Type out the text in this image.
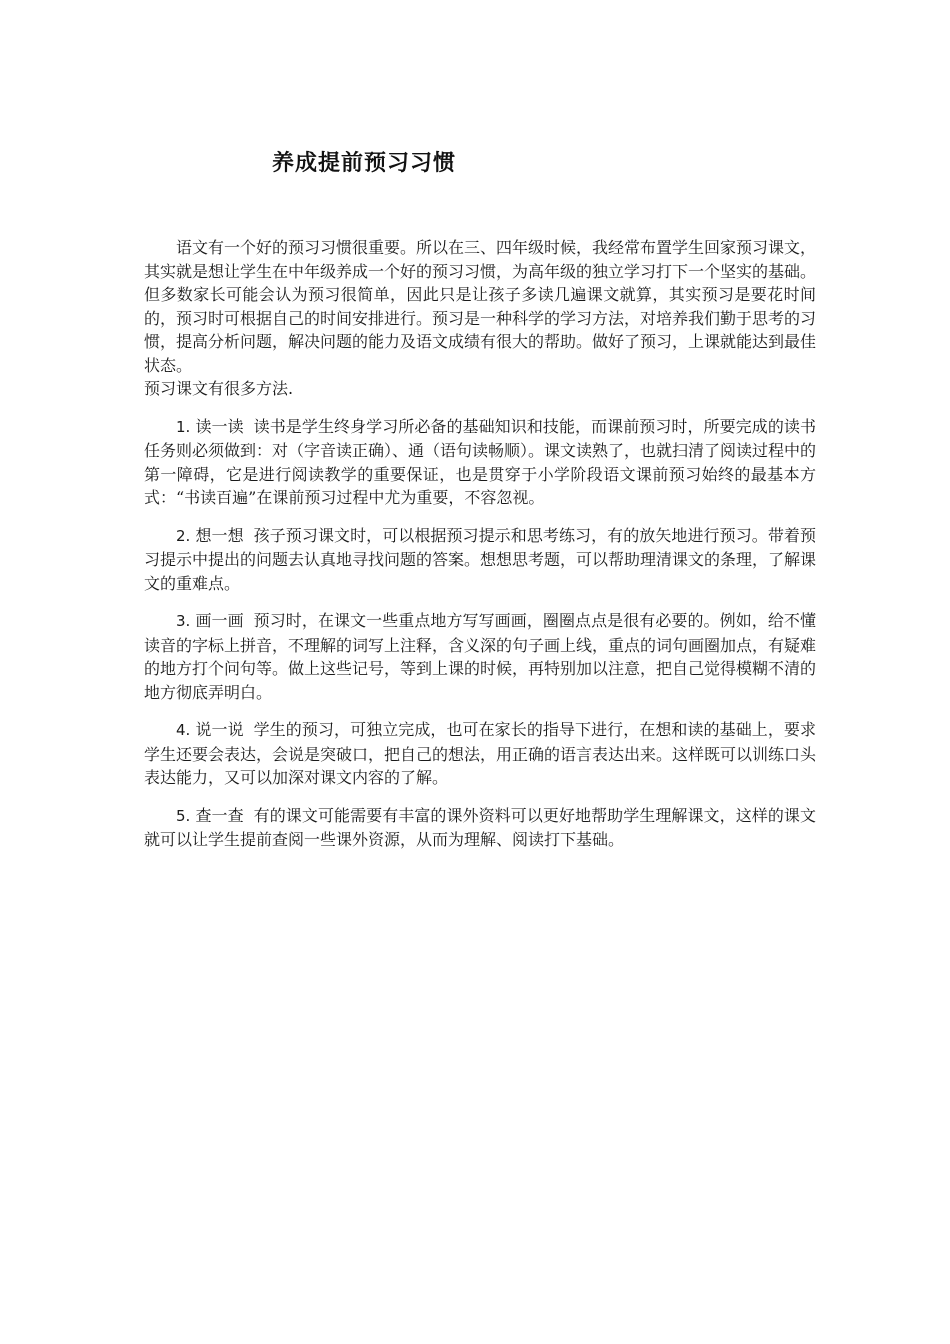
养成提前预习习惯

语文有一个好的预习习惯很重要。所以在三、四年级时候，我经常布置学生回家预习课文，其实就是想让学生在中年级养成一个好的预习习惯，为高年级的独立学习打下一个坚实的基础。但多数家长可能会认为预习很简单，因此只是让孩子多读几遍课文就算，其实预习是要花时间的，预习时可根据自己的时间安排进行。预习是一种科学的学习方法，对培养我们勤于思考的习惯，提高分析问题，解决问题的能力及语文成绩有很大的帮助。做好了预习，上课就能达到最佳状态。
预习课文有很多方法.

1. 读一读 读书是学生终身学习所必备的基础知识和技能，而课前预习时，所要完成的读书任务则必须做到：对（字音读正确）、通（语句读畅顺）。课文读熟了，也就扫清了阅读过程中的第一障碍，它是进行阅读教学的重要保证，也是贯穿于小学阶段语文课前预习始终的最基本方式：“书读百遍”在课前预习过程中尤为重要，不容忽视。

2. 想一想 孩子预习课文时，可以根据预习提示和思考练习，有的放矢地进行预习。带着预习提示中提出的问题去认真地寻找问题的答案。想想思考题，可以帮助理清课文的条理，了解课文的重难点。

3. 画一画 预习时，在课文一些重点地方写写画画，圈圈点点是很有必要的。例如，给不懂读音的字标上拼音，不理解的词写上注释，含义深的句子画上线，重点的词句画圈加点，有疑难的地方打个问句等。做上这些记号，等到上课的时候，再特别加以注意，把自己觉得模糊不清的地方彻底弄明白。

4. 说一说 学生的预习，可独立完成，也可在家长的指导下进行，在想和读的基础上，要求学生还要会表达，会说是突破口，把自己的想法，用正确的语言表达出来。这样既可以训练口头表达能力，又可以加深对课文内容的了解。

5. 查一查 有的课文可能需要有丰富的课外资料可以更好地帮助学生理解课文，这样的课文就可以让学生提前查阅一些课外资源，从而为理解、阅读打下基础。
